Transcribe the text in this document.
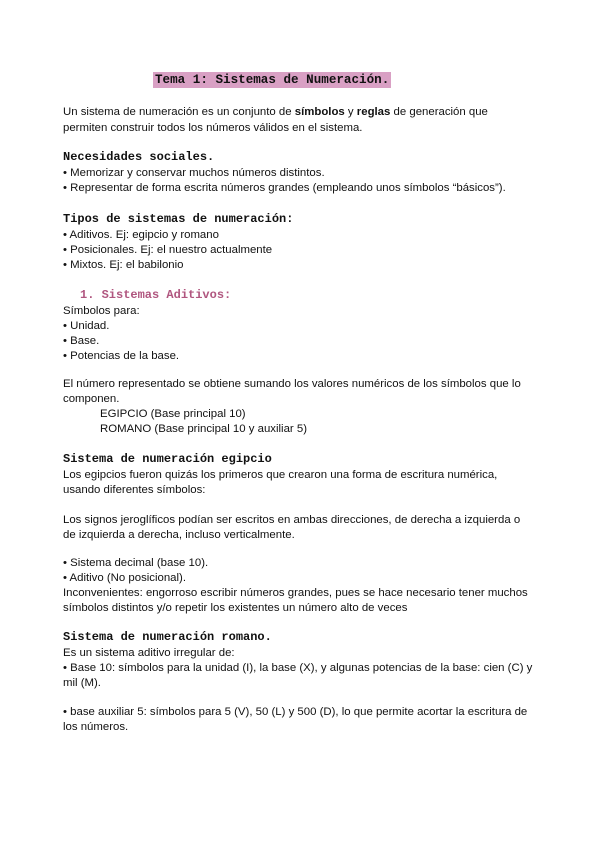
Tema 1: Sistemas de Numeración.
Un sistema de numeración es un conjunto de símbolos y reglas de generación que
permiten construir todos los números válidos en el sistema.
Necesidades sociales.
• Memorizar y conservar muchos números distintos.
• Representar de forma escrita números grandes (empleando unos símbolos “básicos”).
Tipos de sistemas de numeración:
• Aditivos. Ej: egipcio y romano
• Posicionales. Ej: el nuestro actualmente
• Mixtos. Ej: el babilonio
1. Sistemas Aditivos:
Símbolos para:
• Unidad.
• Base.
• Potencias de la base.
El número representado se obtiene sumando los valores numéricos de los símbolos que lo
componen.
EGIPCIO (Base principal 10)
ROMANO (Base principal 10 y auxiliar 5)
Sistema de numeración egipcio
Los egipcios fueron quizás los primeros que crearon una forma de escritura numérica,
usando diferentes símbolos:
Los signos jeroglíficos podían ser escritos en ambas direcciones, de derecha a izquierda o
de izquierda a derecha, incluso verticalmente.
• Sistema decimal (base 10).
• Aditivo (No posicional).
Inconvenientes: engorroso escribir números grandes, pues se hace necesario tener muchos
símbolos distintos y/o repetir los existentes un número alto de veces
Sistema de numeración romano.
Es un sistema aditivo irregular de:
• Base 10: símbolos para la unidad (I), la base (X), y algunas potencias de la base: cien (C) y
mil (M).
• base auxiliar 5: símbolos para 5 (V), 50 (L) y 500 (D), lo que permite acortar la escritura de
los números.
